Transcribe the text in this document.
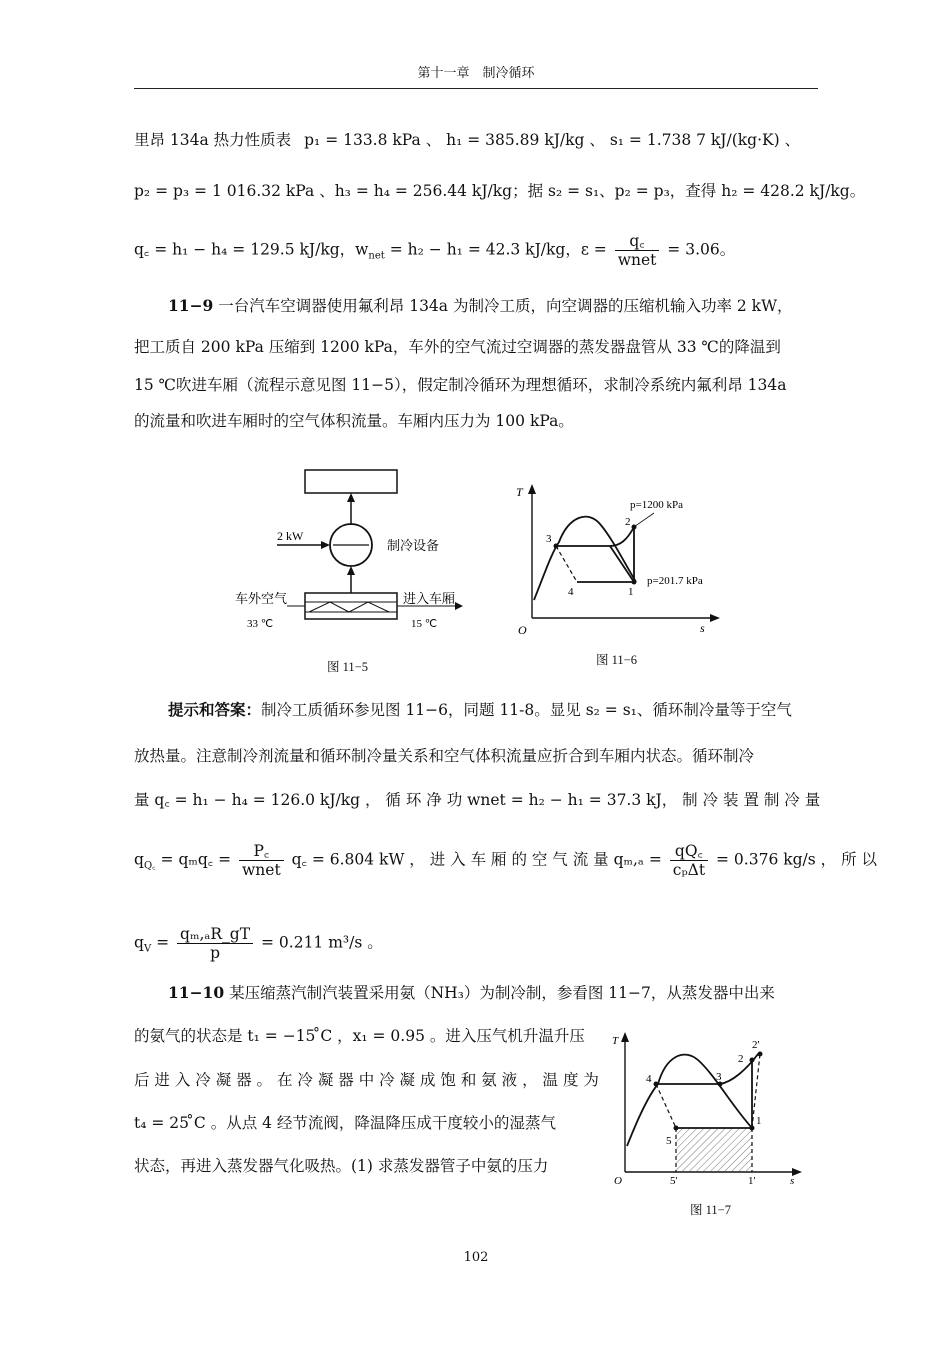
第十一章　制冷循环
里昂 134a 热力性质表 p₁ = 133.8 kPa 、 h₁ = 385.89 kJ/kg 、 s₁ = 1.738 7 kJ/(kg·K) 、
p₂ = p₃ = 1 016.32 kPa 、h₃ = h₄ = 256.44 kJ/kg；据 s₂ = s₁、p₂ = p₃，查得 h₂ = 428.2 kJ/kg。
q꜀ = h₁ − h₄ = 129.5 kJ/kg，$w_{net} = h_2 - h_1 = 42.3$ kJ/kg，$\varepsilon = \frac{q꜀}{\text{wnet}} = 3.06$。
11−9 一台汽车空调器使用氟利昂 134a 为制冷工质，向空调器的压缩机输入功率 2 kW，
把工质自 200 kPa 压缩到 1200 kPa，车外的空气流过空调器的蒸发器盘管从 33 ℃的降温到
15 ℃吹进车厢（流程示意见图 11−5），假定制冷循环为理想循环，求制冷系统内氟利昂 134a
的流量和吹进车厢时的空气体积流量。车厢内压力为 100 kPa。
2 kW
制冷设备
车外空气	进入车厢
33 ℃	15 ℃
图 11−5
T
s
O
3
2
4	1
p=1200 kPa
p=201.7 kPa
图 11−6
提示和答案：制冷工质循环参见图 11−6，同题 11-8。显见 s₂ = s₁、循环制冷量等于空气
放热量。注意制冷剂流量和循环制冷量关系和空气体积流量应折合到车厢内状态。循环制冷
量 q꜀ = h₁ − h₄ = 126.0 kJ/kg ， 循 环 净 功 wnet = h₂ − h₁ = 37.3 kJ， 制 冷 装 置 制 冷 量
$q_{Q꜀}$ = qₘq꜀ = $\frac{P꜀}{\text{wnet}}$ q꜀ = 6.804 kW ， 进 入 车 厢 的 空 气 流 量 $q_m,_a = \frac{qQ꜀}{\text{cₚΔt}} = 0.376$ kg/s ， 所 以
$q_V = \frac{\text{qₘ,ₐR\_gT}}{p} = 0.211$ m³/s 。
11−10 某压缩蒸汽制汽装置采用氨（NH₃）为制冷制，参看图 11−7，从蒸发器中出来
的氨气的状态是 t₁ = −15 ̊C ，x₁ = 0.95 。进入压气机升温升压
后 进 入 冷 凝 器 。 在 冷 凝 器 中 冷 凝 成 饱 和 氨 液 ， 温 度 为
t₄ = 25 ̊C 。从点 4 经节流阀，降温降压成干度较小的湿蒸气
状态，再进入蒸发器气化吸热。(1) 求蒸发器管子中氨的压力
T
s
O
4	3
2
2'
1
5
5'	1'
图 11−7
102
